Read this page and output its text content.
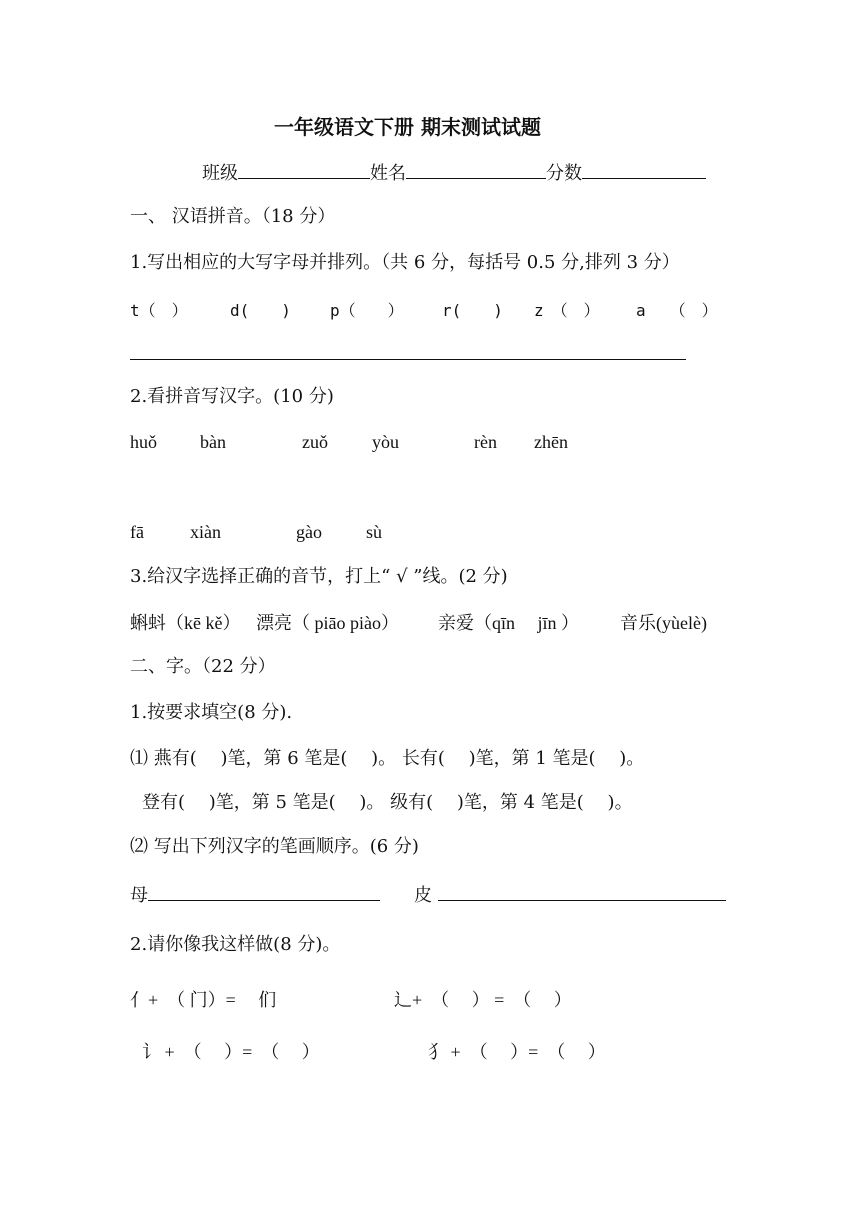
一年级语文下册 期末测试试题
班级	姓名	分数
一、 汉语拼音。（18 分）
1.写出相应的大写字母并排列。（共 6 分，每括号 0.5 分,排列 3 分）
t（　）	d(　　) p（　　） r(　　) z　（　） a　　（　）
2.看拼音写汉字。(10 分)
huǒ bàn	zuǒ yòu	rèn zhēn
fā	xiàn	gào sù
3.给汉字选择正确的音节，打上“ √ ”线。(2 分)
蝌蚪（kē kě） 漂亮（ piāo piào） 亲爱（qīn　 jīn ） 音乐(yùelè)
二、字。（22 分）
1.按要求填空(8 分).
⑴ 燕有(　 )笔，第 6 笔是(　 )。 长有(　 )笔，第 1 笔是(　 )。
登有(　 )笔，第 5 笔是(　 )。 级有(　 )笔，第 4 笔是(　 )。
⑵ 写出下列汉字的笔画顺序。(6 分)
母	皮
2.请你像我这样做(8 分)。
亻+　（ 门）=　 们	辶+　（　 ） =　（　 ）
讠 +　（　 ）=　（　 ）	犭 +　（　 ）=　（　 ）
